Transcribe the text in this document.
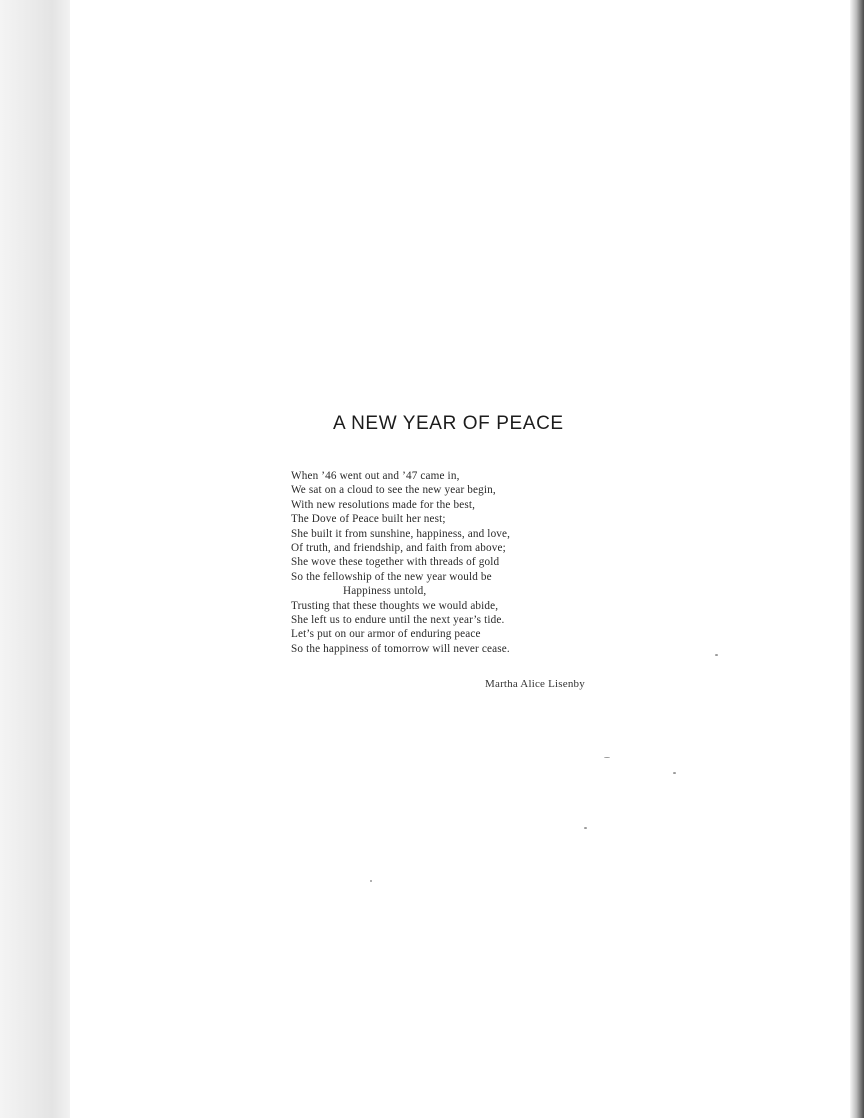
A NEW YEAR OF PEACE
When ’46 went out and ’47 came in,
We sat on a cloud to see the new year begin,
With new resolutions made for the best,
The Dove of Peace built her nest;
She built it from sunshine, happiness, and love,
Of truth, and friendship, and faith from above;
She wove these together with threads of gold
So the fellowship of the new year would be
Happiness untold,
Trusting that these thoughts we would abide,
She left us to endure until the next year’s tide.
Let’s put on our armor of enduring peace
So the happiness of tomorrow will never cease.
Martha Alice Lisenby
